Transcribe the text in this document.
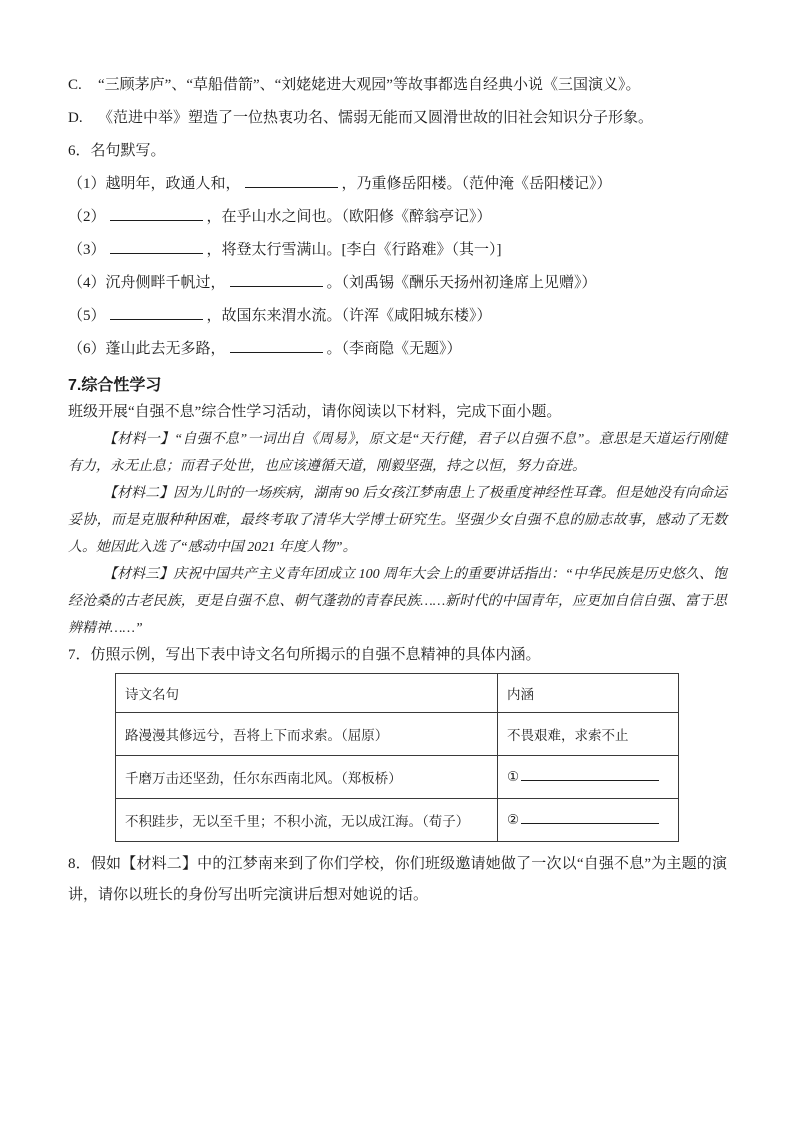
C. “三顾茅庐”、“草船借箭”、“刘姥姥进大观园”等故事都选自经典小说《三国演义》。

D. 《范进中举》塑造了一位热衷功名、懦弱无能而又圆滑世故的旧社会知识分子形象。

6．名句默写。

（1）越明年，政通人和，	，乃重修岳阳楼。（范仲淹《岳阳楼记》）

（2）	，在乎山水之间也。（欧阳修《醉翁亭记》）

（3）	，将登太行雪满山。[李白《行路难》（其一）]

（4）沉舟侧畔千帆过，	。（刘禹锡《酬乐天扬州初逢席上见赠》）

（5）	，故国东来渭水流。（许浑《咸阳城东楼》）

（6）蓬山此去无多路，	。（李商隐《无题》）

7.综合性学习

班级开展“自强不息”综合性学习活动，请你阅读以下材料，完成下面小题。

【材料一】“自强不息”一词出自《周易》，原文是“天行健，君子以自强不息”。意思是天道运行刚健有力，永无止息；而君子处世，也应该遵循天道，刚毅坚强，持之以恒，努力奋进。

【材料二】因为儿时的一场疾病，湖南 90 后女孩江梦南患上了极重度神经性耳聋。但是她没有向命运妥协，而是克服种种困难，最终考取了清华大学博士研究生。坚强少女自强不息的励志故事，感动了无数人。她因此入选了“感动中国 2021 年度人物”。

【材料三】庆祝中国共产主义青年团成立 100 周年大会上的重要讲话指出：“中华民族是历史悠久、饱经沧桑的古老民族，更是自强不息、朝气蓬勃的青春民族……新时代的中国青年，应更加自信自强、富于思辨精神……”

7．仿照示例，写出下表中诗文名句所揭示的自强不息精神的具体内涵。

诗文名句	内涵
路漫漫其修远兮，吾将上下而求索。（屈原）	不畏艰难，求索不止
千磨万击还坚劲，任尔东西南北风。（郑板桥）	①
不积跬步，无以至千里；不积小流，无以成江海。（荀子）	②

8．假如【材料二】中的江梦南来到了你们学校，你们班级邀请她做了一次以“自强不息”为主题的演讲，请你以班长的身份写出听完演讲后想对她说的话。
